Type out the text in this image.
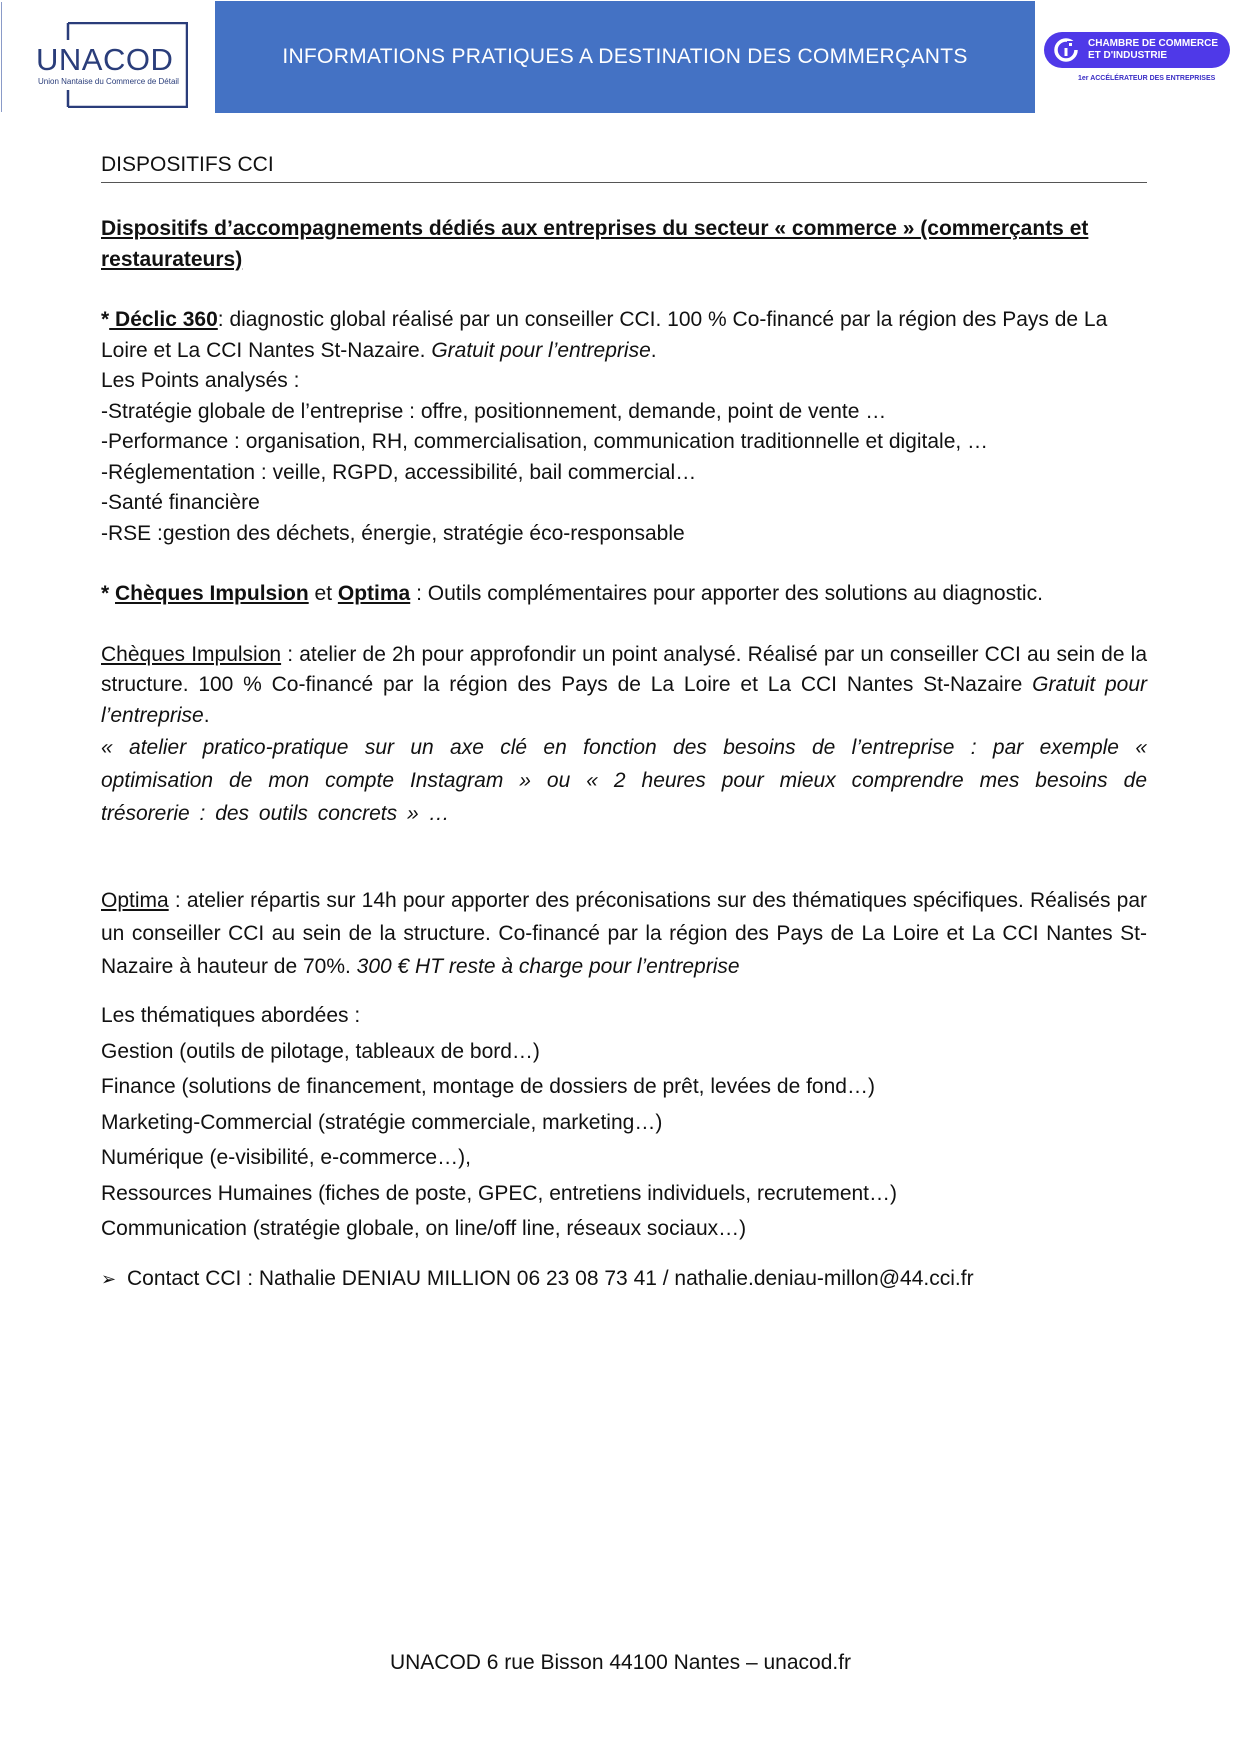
UNACOD
Union Nantaise du Commerce de Détail
INFORMATIONS PRATIQUES A DESTINATION DES COMMERÇANTS
CHAMBRE DE COMMERCE
ET D'INDUSTRIE
1er ACCÉLÉRATEUR DES ENTREPRISES
DISPOSITIFS CCI
Dispositifs d’accompagnements dédiés aux entreprises du secteur « commerce » (commerçants et restaurateurs)
* Déclic 360: diagnostic global réalisé par un conseiller CCI. 100 % Co-financé par la région des Pays de La Loire et La CCI Nantes St-Nazaire. Gratuit pour l’entreprise.
Les Points analysés :
-Stratégie globale de l’entreprise : offre, positionnement, demande, point de vente …
-Performance : organisation, RH, commercialisation, communication traditionnelle et digitale, …
-Réglementation : veille, RGPD, accessibilité, bail commercial…
-Santé financière
-RSE :gestion des déchets, énergie, stratégie éco-responsable
* Chèques Impulsion et Optima : Outils complémentaires pour apporter des solutions au diagnostic.
Chèques Impulsion : atelier de 2h pour approfondir un point analysé. Réalisé par un conseiller CCI au sein de la structure. 100 % Co-financé par la région des Pays de La Loire et La CCI Nantes St-Nazaire Gratuit pour l’entreprise.
« atelier pratico-pratique sur un axe clé en fonction des besoins de l’entreprise : par exemple « optimisation de mon compte Instagram » ou « 2 heures pour mieux comprendre mes besoins de trésorerie : des outils concrets » …
Optima : atelier répartis sur 14h pour apporter des préconisations sur des thématiques spécifiques. Réalisés par un conseiller CCI au sein de la structure. Co-financé par la région des Pays de La Loire et La CCI Nantes St-Nazaire à hauteur de 70%. 300 € HT reste à charge pour l’entreprise
Les thématiques abordées :
Gestion (outils de pilotage, tableaux de bord…)
Finance (solutions de financement, montage de dossiers de prêt, levées de fond…)
Marketing-Commercial (stratégie commerciale, marketing…)
Numérique (e-visibilité, e-commerce…),
Ressources Humaines (fiches de poste, GPEC, entretiens individuels, recrutement…)
Communication (stratégie globale, on line/off line, réseaux sociaux…)
➢ Contact CCI : Nathalie DENIAU MILLION 06 23 08 73 41 / nathalie.deniau-millon@44.cci.fr
UNACOD 6 rue Bisson 44100 Nantes – unacod.fr
